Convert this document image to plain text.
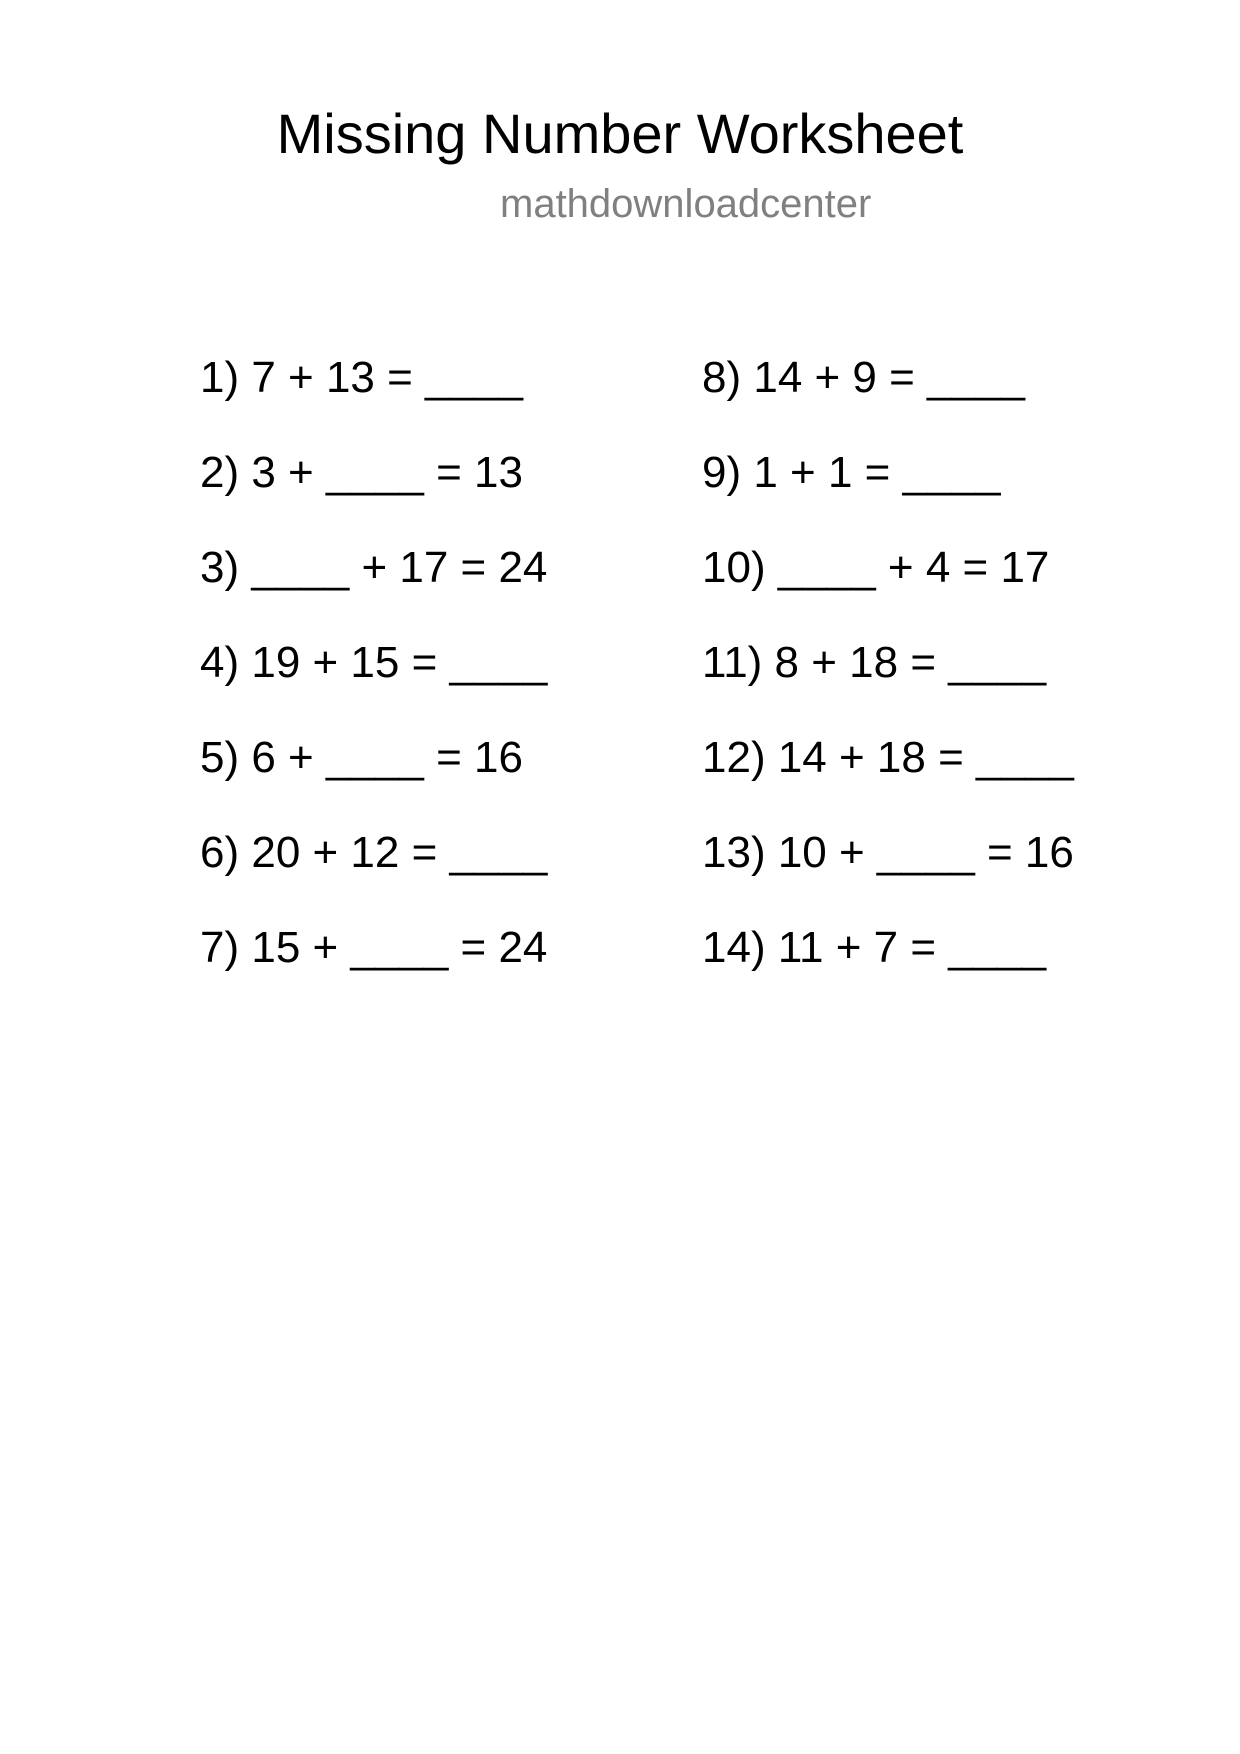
Missing Number Worksheet
mathdownloadcenter
1) 7 + 13 = ____
2) 3 + ____ = 13
3) ____ + 17 = 24
4) 19 + 15 = ____
5) 6 + ____ = 16
6) 20 + 12 = ____
7) 15 + ____ = 24
8) 14 + 9 = ____
9) 1 + 1 = ____
10) ____ + 4 = 17
11) 8 + 18 = ____
12) 14 + 18 = ____
13) 10 + ____ = 16
14) 11 + 7 = ____
